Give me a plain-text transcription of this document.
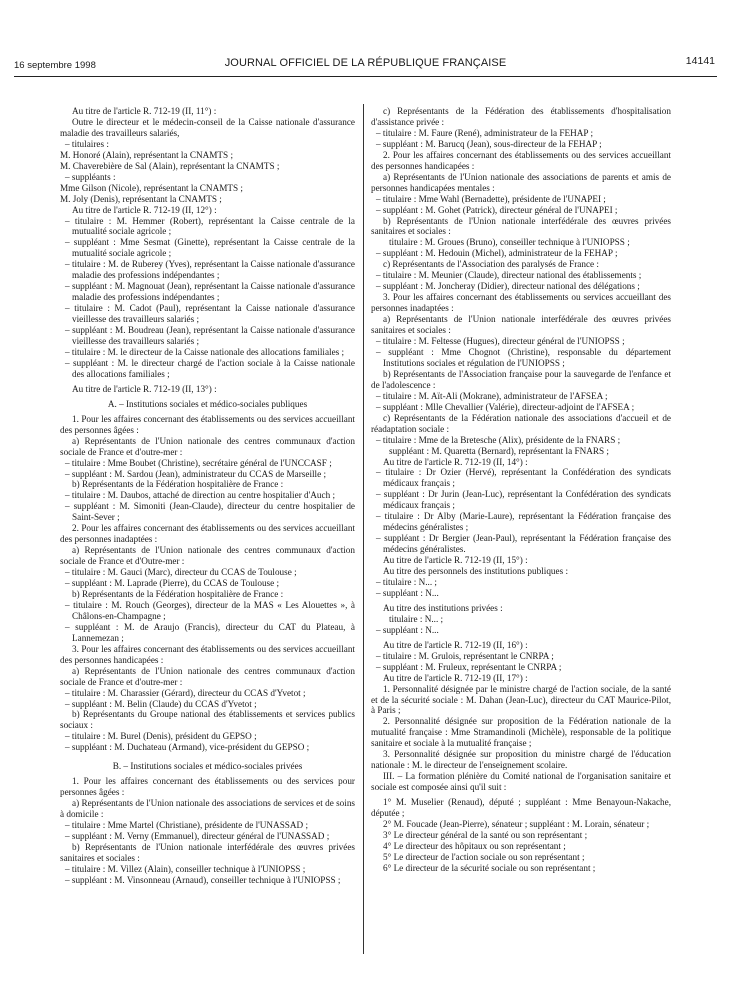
16 septembre 1998	JOURNAL OFFICIEL DE LA RÉPUBLIQUE FRANÇAISE	14141

Au titre de l'article R. 712-19 (II, 11°) :

Outre le directeur et le médecin-conseil de la Caisse nationale d'assurance maladie des travailleurs salariés,

– titulaires :

M. Honoré (Alain), représentant la CNAMTS ;

M. Chaverebière de Sal (Alain), représentant la CNAMTS ;

– suppléants :

Mme Gilson (Nicole), représentant la CNAMTS ;

M. Joly (Denis), représentant la CNAMTS ;

Au titre de l'article R. 712-19 (II, 12°) :

– titulaire : M. Hemmer (Robert), représentant la Caisse centrale de la mutualité sociale agricole ;

– suppléant : Mme Sesmat (Ginette), représentant la Caisse centrale de la mutualité sociale agricole ;

– titulaire : M. de Ruberey (Yves), représentant la Caisse nationale d'assurance maladie des professions indépendantes ;

– suppléant : M. Magnouat (Jean), représentant la Caisse nationale d'assurance maladie des professions indépendantes ;

– titulaire : M. Cadot (Paul), représentant la Caisse nationale d'assurance vieillesse des travailleurs salariés ;

– suppléant : M. Boudreau (Jean), représentant la Caisse nationale d'assurance vieillesse des travailleurs salariés ;

– titulaire : M. le directeur de la Caisse nationale des allocations familiales ;

– suppléant : M. le directeur chargé de l'action sociale à la Caisse nationale des allocations familiales ;

Au titre de l'article R. 712-19 (II, 13°) :

A. – Institutions sociales et médico-sociales publiques

1. Pour les affaires concernant des établissements ou des services accueillant des personnes âgées :

a) Représentants de l'Union nationale des centres communaux d'action sociale de France et d'outre-mer :

– titulaire : Mme Boubet (Christine), secrétaire général de l'UNCCASF ;

– suppléant : M. Sardou (Jean), administrateur du CCAS de Marseille ;

b) Représentants de la Fédération hospitalière de France :

– titulaire : M. Daubos, attaché de direction au centre hospitalier d'Auch ;

– suppléant : M. Simoniti (Jean-Claude), directeur du centre hospitalier de Saint-Sever ;

2. Pour les affaires concernant des établissements ou des services accueillant des personnes inadaptées :

a) Représentants de l'Union nationale des centres communaux d'action sociale de France et d'Outre-mer :

– titulaire : M. Gauci (Marc), directeur du CCAS de Toulouse ;

– suppléant : M. Laprade (Pierre), du CCAS de Toulouse ;

b) Représentants de la Fédération hospitalière de France :

– titulaire : M. Rouch (Georges), directeur de la MAS « Les Alouettes », à Châlons-en-Champagne ;

– suppléant : M. de Araujo (Francis), directeur du CAT du Plateau, à Lannemezan ;

3. Pour les affaires concernant des établissements ou des services accueillant des personnes handicapées :

a) Représentants de l'Union nationale des centres communaux d'action sociale de France et d'outre-mer :

– titulaire : M. Charassier (Gérard), directeur du CCAS d'Yvetot ;

– suppléant : M. Belin (Claude) du CCAS d'Yvetot ;

b) Représentants du Groupe national des établissements et services publics sociaux :

– titulaire : M. Burel (Denis), président du GEPSO ;

– suppléant : M. Duchateau (Armand), vice-président du GEPSO ;

B. – Institutions sociales et médico-sociales privées

1. Pour les affaires concernant des établissements ou des services pour personnes âgées :

a) Représentants de l'Union nationale des associations de services et de soins à domicile :

– titulaire : Mme Martel (Christiane), présidente de l'UNASSAD ;

– suppléant : M. Verny (Emmanuel), directeur général de l'UNASSAD ;

b) Représentants de l'Union nationale interfédérale des œuvres privées sanitaires et sociales :

– titulaire : M. Villez (Alain), conseiller technique à l'UNIOPSS ;

– suppléant : M. Vinsonneau (Arnaud), conseiller technique à l'UNIOPSS ;

c) Représentants de la Fédération des établissements d'hospitalisation d'assistance privée :

– titulaire : M. Faure (René), administrateur de la FEHAP ;

– suppléant : M. Barucq (Jean), sous-directeur de la FEHAP ;

2. Pour les affaires concernant des établissements ou des services accueillant des personnes handicapées :

a) Représentants de l'Union nationale des associations de parents et amis de personnes handicapées mentales :

– titulaire : Mme Wahl (Bernadette), présidente de l'UNAPEI ;

– suppléant : M. Gohet (Patrick), directeur général de l'UNAPEI ;

b) Représentants de l'Union nationale interfédérale des œuvres privées sanitaires et sociales :

titulaire : M. Groues (Bruno), conseiller technique à l'UNIOPSS ;

– suppléant : M. Hedouin (Michel), administrateur de la FEHAP ;

c) Représentants de l'Association des paralysés de France :

– titulaire : M. Meunier (Claude), directeur national des établissements ;

– suppléant : M. Joncheray (Didier), directeur national des délégations ;

3. Pour les affaires concernant des établissements ou services accueillant des personnes inadaptées :

a) Représentants de l'Union nationale interfédérale des œuvres privées sanitaires et sociales :

– titulaire : M. Feltesse (Hugues), directeur général de l'UNIOPSS ;

– suppléant : Mme Chognot (Christine), responsable du département Institutions sociales et régulation de l'UNIOPSS ;

b) Représentants de l'Association française pour la sauvegarde de l'enfance et de l'adolescence :

– titulaire : M. Aït-Ali (Mokrane), administrateur de l'AFSEA ;

– suppléant : Mlle Chevallier (Valérie), directeur-adjoint de l'AFSEA ;

c) Représentants de la Fédération nationale des associations d'accueil et de réadaptation sociale :

– titulaire : Mme de la Bretesche (Alix), présidente de la FNARS ;

suppléant : M. Quaretta (Bernard), représentant la FNARS ;

Au titre de l'article R. 712-19 (II, 14°) :

– titulaire : Dr Ozier (Hervé), représentant la Confédération des syndicats médicaux français ;

– suppléant : Dr Jurin (Jean-Luc), représentant la Confédération des syndicats médicaux français ;

– titulaire : Dr Alby (Marie-Laure), représentant la Fédération française des médecins généralistes ;

– suppléant : Dr Bergier (Jean-Paul), représentant la Fédération française des médecins généralistes.

Au titre de l'article R. 712-19 (II, 15°) :

Au titre des personnels des institutions publiques :

– titulaire : N... ;

– suppléant : N...

Au titre des institutions privées :

titulaire : N... ;

– suppléant : N...

Au titre de l'article R. 712-19 (II, 16°) :

– titulaire : M. Grulois, représentant le CNRPA ;

– suppléant : M. Fruleux, représentant le CNRPA ;

Au titre de l'article R. 712-19 (II, 17°) :

1. Personnalité désignée par le ministre chargé de l'action sociale, de la santé et de la sécurité sociale : M. Dahan (Jean-Luc), directeur du CAT Maurice-Pilot, à Paris ;

2. Personnalité désignée sur proposition de la Fédération nationale de la mutualité française : Mme Stramandinoli (Michèle), responsable de la politique sanitaire et sociale à la mutualité française ;

3. Personnalité désignée sur proposition du ministre chargé de l'éducation nationale : M. le directeur de l'enseignement scolaire.

III. – La formation plénière du Comité national de l'organisation sanitaire et sociale est composée ainsi qu'il suit :

1° M. Muselier (Renaud), député ; suppléant : Mme Benayoun-Nakache, députée ;

2° M. Foucade (Jean-Pierre), sénateur ; suppléant : M. Lorain, sénateur ;

3° Le directeur général de la santé ou son représentant ;

4° Le directeur des hôpitaux ou son représentant ;

5° Le directeur de l'action sociale ou son représentant ;

6° Le directeur de la sécurité sociale ou son représentant ;
